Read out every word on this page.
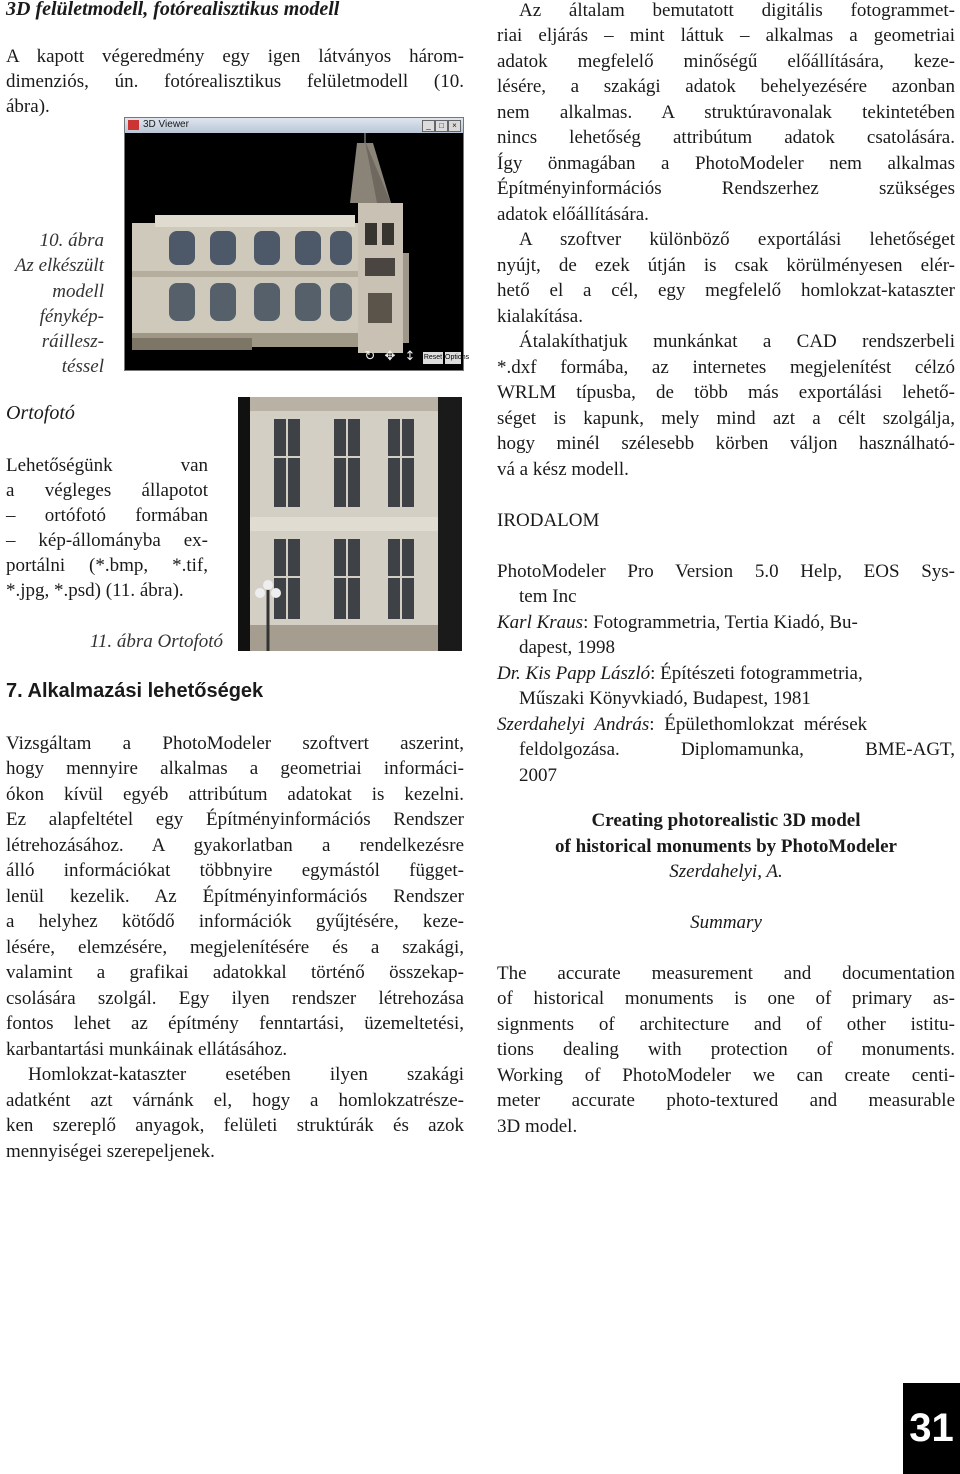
3D felületmodell, fotórealisztikus modell
A kapott végeredmény egy igen látványos három-
dimenziós, ún. fotórealisztikus felületmodell (10.
ábra).
10. ábra
Az elkészült
modell
fénykép-
ráillesz-
téssel
3D Viewer	_	□	×
↻ ✥ ↕ Reset Options
Ortofotó
Lehetőségünk      van
a végleges állapotot
– ortófotó formában
– kép-állományba ex-
portálni (*.bmp, *.tif,
*.jpg, *.psd) (11. ábra).
11. ábra Ortofotó
7. Alkalmazási lehetőségek
Vizsgáltam a PhotoModeler szoftvert aszerint,
hogy mennyire alkalmas a geometriai informáci-
ókon kívül egyéb attribútum adatokat is kezelni.
Ez alapfeltétel egy Építményinformációs Rendszer
létrehozásához. A gyakorlatban a rendelkezésre
álló információkat többnyire egymástól függet-
lenül kezelik. Az Építményinformációs Rendszer
a helyhez kötődő információk gyűjtésére, keze-
lésére, elemzésére, megjelenítésére és a szakági,
valamint a grafikai adatokkal történő összekap-
csolására szolgál. Egy ilyen rendszer létrehozása
fontos lehet az építmény fenntartási, üzemeltetési,
karbantartási munkáinak ellátásához.
Homlokzat-kataszter esetében ilyen szakági
adatként azt várnánk el, hogy a homlokzatrésze-
ken szereplő anyagok, felületi struktúrák és azok
mennyiségei szerepeljenek.
Az általam bemutatott digitális fotogrammet-
riai eljárás – mint láttuk – alkalmas a geometriai
adatok megfelelő minőségű előállítására, keze-
lésére, a szakági adatok behelyezésére azonban
nem alkalmas. A struktúravonalak tekintetében
nincs lehetőség attribútum adatok csatolására.
Így önmagában a PhotoModeler nem alkalmas
Építményinformációs Rendszerhez szükséges
adatok előállítására.
A szoftver különböző exportálási lehetőséget
nyújt, de ezek útján is csak körülményesen elér-
hető el a cél, egy megfelelő homlokzat-kataszter
kialakítása.
Átalakíthatjuk munkánkat a CAD rendszerbeli
*.dxf formába, az internetes megjelenítést célzó
WRLM típusba, de több más exportálási lehető-
séget is kapunk, mely mind azt a célt szolgálja,
hogy minél szélesebb körben váljon használható-
vá a kész modell.
IRODALOM
PhotoModeler Pro Version 5.0 Help, EOS Sys-
tem Inc
Karl Kraus: Fotogrammetria, Tertia Kiadó, Bu-
dapest, 1998
Dr. Kis Papp László: Építészeti fotogrammetria,
Műszaki Könyvkiadó, Budapest, 1981
Szerdahelyi András: Épülethomlokzat mérések
feldolgozása. Diplomamunka, BME-AGT,
2007
Creating photorealistic 3D model
of historical monuments by PhotoModeler
Szerdahelyi, A.
Summary
The accurate measurement and documentation
of historical monuments is one of primary as-
signments of architecture and of other istitu-
tions dealing with protection of monuments.
Working of PhotoModeler we can create centi-
meter accurate photo-textured and measurable
3D model.
31
